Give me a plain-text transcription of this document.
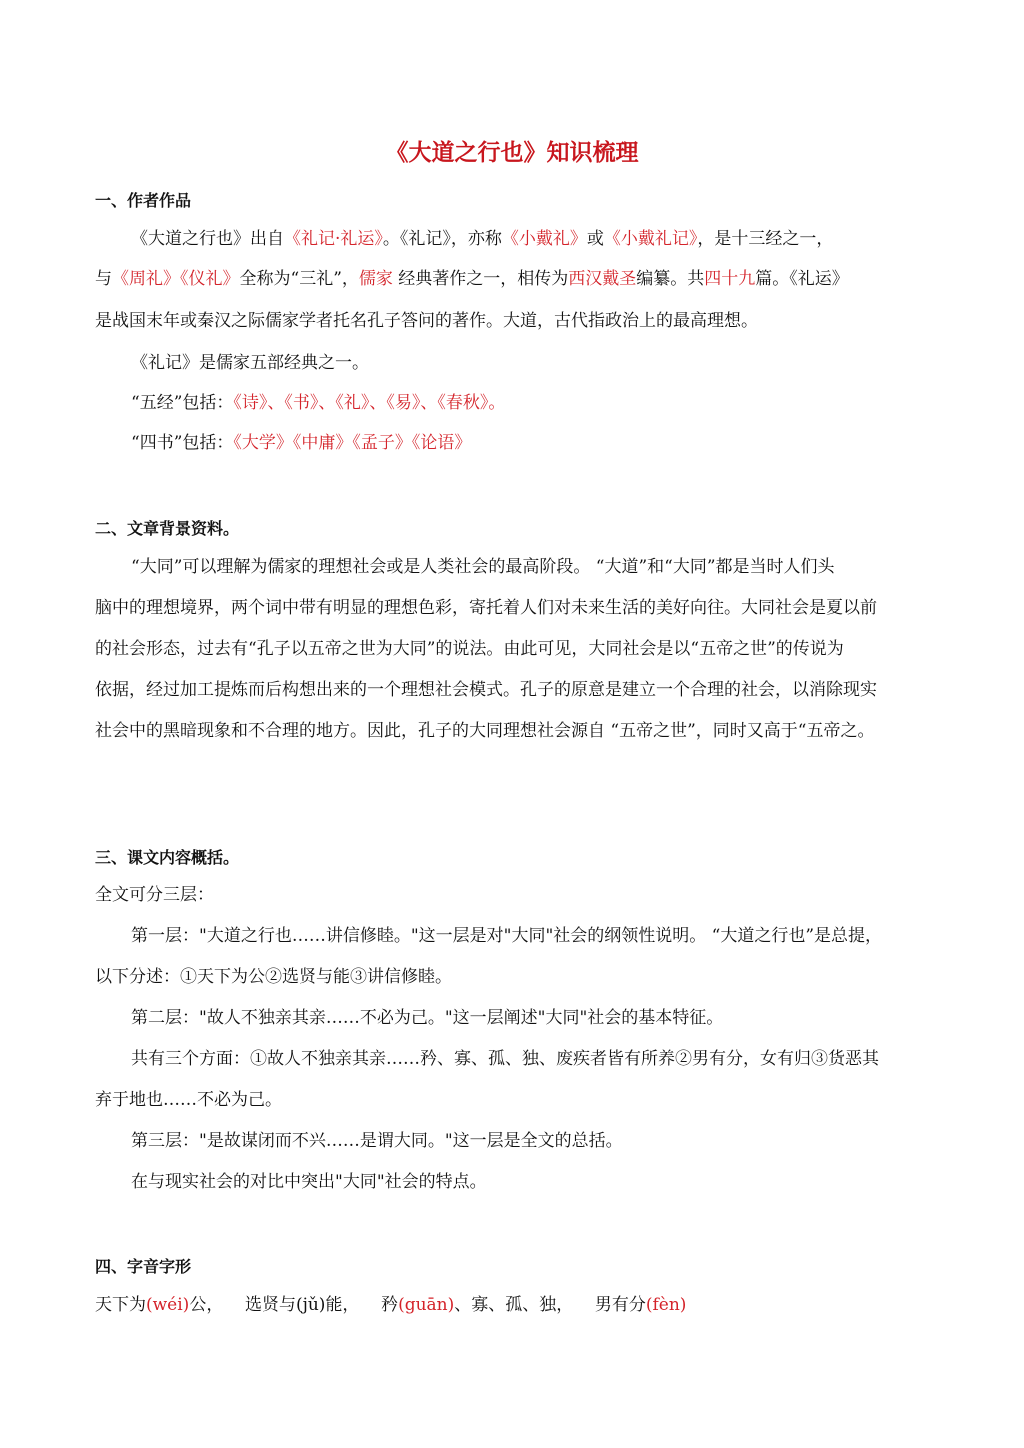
《大道之行也》知识梳理
一、作者作品
《大道之行也》出自《礼记·礼运》。《礼记》，亦称《小戴礼》或《小戴礼记》，是十三经之一，
与《周礼》《仪礼》全称为“三礼”，儒家 经典著作之一，相传为西汉戴圣编纂。共四十九篇。《礼运》
是战国末年或秦汉之际儒家学者托名孔子答问的著作。大道，古代指政治上的最高理想。
《礼记》是儒家五部经典之一。
“五经”包括：《诗》、《书》、《礼》、《易》、《春秋》。
“四书”包括：《大学》《中庸》《孟子》《论语》
二、文章背景资料。
“大同”可以理解为儒家的理想社会或是人类社会的最高阶段。 “大道”和“大同”都是当时人们头
脑中的理想境界，两个词中带有明显的理想色彩，寄托着人们对未来生活的美好向往。大同社会是夏以前
的社会形态，过去有“孔子以五帝之世为大同”的说法。由此可见，大同社会是以“五帝之世”的传说为
依据，经过加工提炼而后构想出来的一个理想社会模式。孔子的原意是建立一个合理的社会，以消除现实
社会中的黑暗现象和不合理的地方。因此，孔子的大同理想社会源自 “五帝之世”，同时又高于“五帝之。
三、课文内容概括。
全文可分三层：
第一层："大道之行也……讲信修睦。"这一层是对"大同"社会的纲领性说明。 “大道之行也”是总提，
以下分述：①天下为公②选贤与能③讲信修睦。
第二层："故人不独亲其亲……不必为己。"这一层阐述"大同"社会的基本特征。
共有三个方面：①故人不独亲其亲……矜、寡、孤、独、废疾者皆有所养②男有分，女有归③货恶其
弃于地也……不必为己。
第三层："是故谋闭而不兴……是谓大同。"这一层是全文的总括。
在与现实社会的对比中突出"大同"社会的特点。
四、字音字形
天下为(wéi)公，    选贤与(jǔ)能，    矜(guān)、寡、孤、独，    男有分(fèn)
